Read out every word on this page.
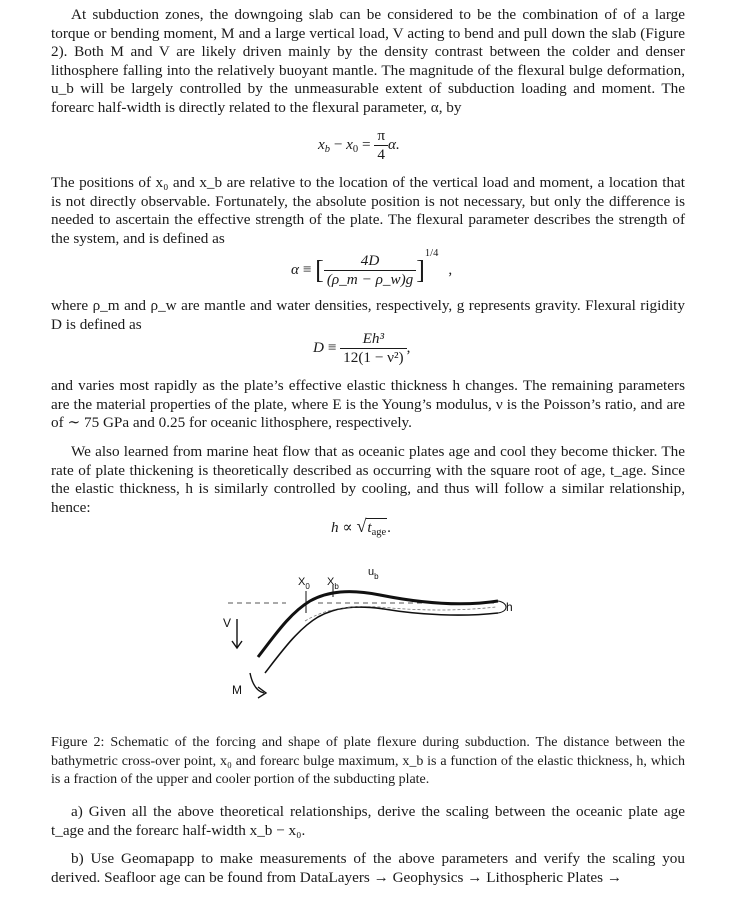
At subduction zones, the downgoing slab can be considered to be the combination of of a large torque or bending moment, M and a large vertical load, V acting to bend and pull down the slab (Figure 2). Both M and V are likely driven mainly by the density contrast between the colder and denser lithosphere falling into the relatively buoyant mantle. The magnitude of the flexural bulge deformation, u_b will be largely controlled by the unmeasurable extent of subduction loading and moment. The forearc half-width is directly related to the flexural parameter, α, by

$x_b - x_0 = \frac{\pi}{4} \alpha$.

The positions of x₀ and x_b are relative to the location of the vertical load and moment, a location that is not directly observable. Fortunately, the absolute position is not necessary, but only the difference is needed to ascertain the effective strength of the plate. The flexural parameter describes the strength of the system, and is defined as

α ≡ [ $\frac{4D}{(\rho\_m - \rho\_w)g} ]^{1/4}$,

where ρ_m and ρ_w are mantle and water densities, respectively, g represents gravity. Flexural rigidity D is defined as

$D \equiv \frac{\text{Eh³}}{\text{12(1 − ν²)}}$ ,

and varies most rapidly as the plate’s effective elastic thickness h changes. The remaining parameters are the material properties of the plate, where E is the Young’s modulus, ν is the Poisson’s ratio, and are of ∼ 75 GPa and 0.25 for oceanic lithosphere, respectively.

We also learned from marine heat flow that as oceanic plates age and cool they become thicker. The rate of plate thickening is theoretically described as occurring with the square root of age, t_age. Since the elastic thickness, h is similarly controlled by cooling, and thus will follow a similar relationship, hence:

$h \propto √t_{age}$.
h
$X_0$ $X_b$
$u_b$
V
M

Figure 2: Schematic of the forcing and shape of plate flexure during subduction. The distance between the bathymetric cross-over point, x₀ and forearc bulge maximum, x_b is a function of the elastic thickness, h, which is a fraction of the upper and cooler portion of the subducting plate.

a) Given all the above theoretical relationships, derive the scaling between the oceanic plate age t_age and the forearc half-width x_b − x₀.

b) Use Geomapapp to make measurements of the above parameters and verify the scaling you derived. Seafloor age can be found from DataLayers → Geophysics → Lithospheric Plates →
